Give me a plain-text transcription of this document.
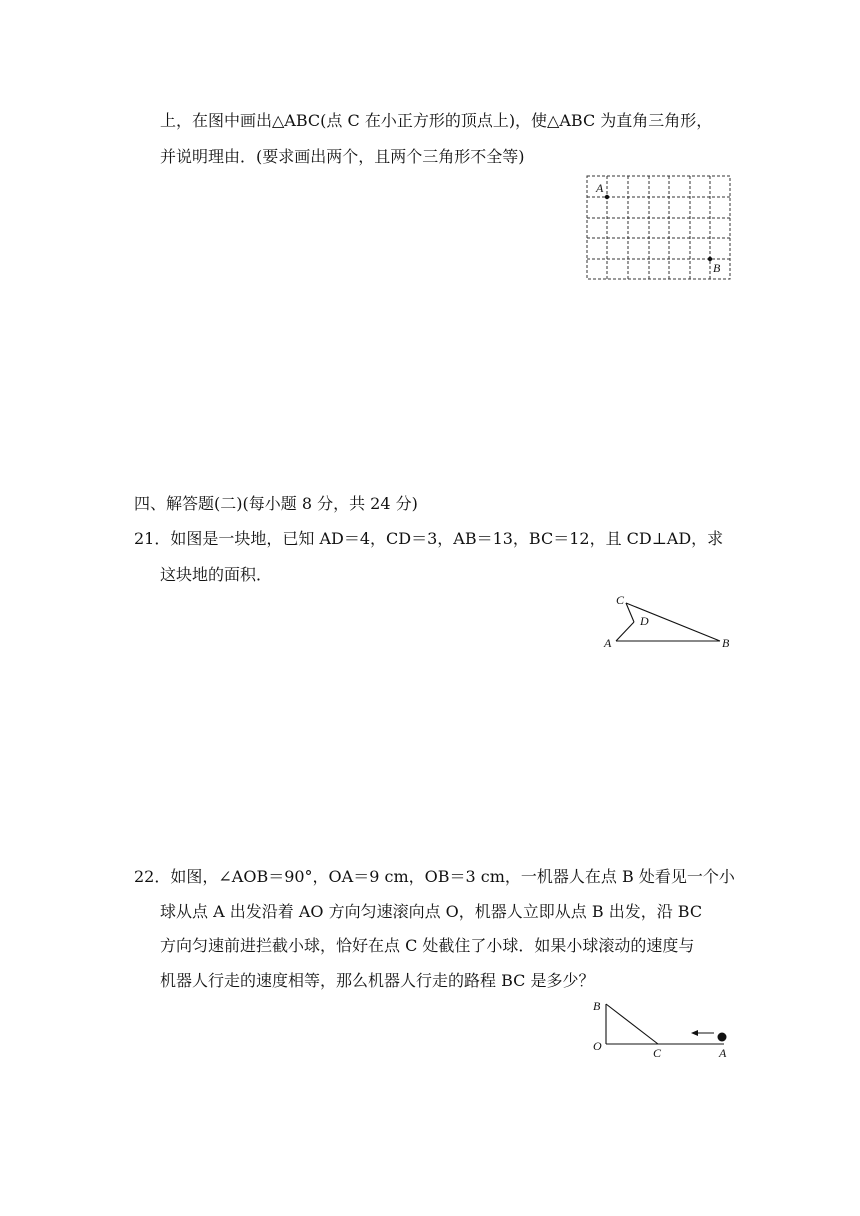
上，在图中画出△ABC(点 C 在小正方形的顶点上)，使△ABC 为直角三角形，
并说明理由．(要求画出两个，且两个三角形不全等)
A
B
四、解答题(二)(每小题 8 分，共 24 分)
21．如图是一块地，已知 AD＝4，CD＝3，AB＝13，BC＝12，且 CD⊥AD，求
这块地的面积．
C
D
A	B
22．如图，∠AOB＝90°，OA＝9 cm，OB＝3 cm，一机器人在点 B 处看见一个小
球从点 A 出发沿着 AO 方向匀速滚向点 O，机器人立即从点 B 出发，沿 BC
方向匀速前进拦截小球，恰好在点 C 处截住了小球．如果小球滚动的速度与
机器人行走的速度相等，那么机器人行走的路程 BC 是多少？
B
O	C	A
